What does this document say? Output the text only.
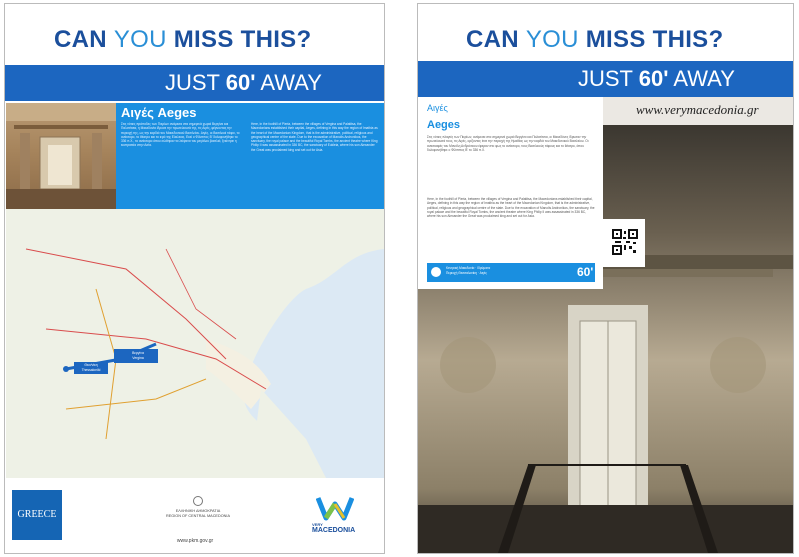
CAN YOU MISS THIS?
JUST 60' AWAY
Αιγές Aeges
Στις νότιες πρόποδες των Πιερίων ανάμεσα στα σημερινά χωριά Βεργίνα και Παλατίτσια, η Μακεδονία ίδρυσε την πρωτεύουσά της, τις Αιγές, φέρνοντας την περιοχή της, ως την καρδιά του Μακεδονικού Βασιλείου. Αιγές, οι Βασιλικοί τάφοι, το ανάκτορο, το θέατρο και το ιερό της Εύκλειας. Εκεί ο Φίλιππος Β' δολοφονήθηκε το 336 π.Χ., το ανάκτορο όπου σώθηκαν τα λείψανα του μεγάλου βασιλιά, ξεκίνησε η εκστρατεία στην Ασία.
Here, in the foothill of Pieria, between the villages of Vergina and Palatitsa, the Macedonians established their capital, Aeges, defining in this way the region of Imathia as the heart of the Macedonian Kingdom, that is the administrative, political, religious and geographical centre of the state. Due to the excavation of Manolis Andronikos, the sanctuary, the royal palace and the beautiful Royal Tombs, the ancient theatre where King Philip II was assassinated in 336 BC, the sanctuary of Eukleia, where his son Alexander the Great was proclaimed king and set out for Asia.
Βεργίνα
Vergina
Θεσ/νίκη
Thessaloniki
GREECE	ΕΛΛΗΝΙΚΗ ΔΗΜΟΚΡΑΤΙΑ
REGION OF CENTRAL MACEDONIA
www.pkm.gov.gr
VERY
MACEDONIA
CAN YOU MISS THIS?
JUST 60' AWAY
www.verymacedonia.gr
Αιγές
Aeges
Στις νότιες πλαγιές των Πιερίων, ανάμεσα στα σημερινά χωριά Βεργίνα και Παλατίτσια, οι Μακεδόνες ίδρυσαν την πρωτεύουσά τους, τις Αιγές, ορίζοντας έτσι την περιοχή της Ημαθίας ως την καρδιά του Μακεδονικού Βασιλείου. Οι ανασκαφές του Μανόλη Ανδρόνικου έφεραν στο φως το ανάκτορο, τους Βασιλικούς τάφους και το θέατρο, όπου δολοφονήθηκε ο Φίλιππος Β' το 336 π.Χ.
Here, in the foothill of Pieria, between the villages of Vergina and Palatitsa, the Macedonians established their capital, Aeges, defining in this way the region of Imathia as the heart of the Macedonian Kingdom, that is the administrative, political, religious and geographical centre of the state. Due to the excavation of Manolis Andronikos, the sanctuary, the royal palace and the beautiful Royal Tombs, the ancient theatre where King Philip II was assassinated in 336 BC, where his son Alexander the Great was proclaimed king and set out for Asia.
Κεντρική Μακεδονία · Ιδρύματα
Περιοχή Θεσσαλονίκη · Αιγές	60'
